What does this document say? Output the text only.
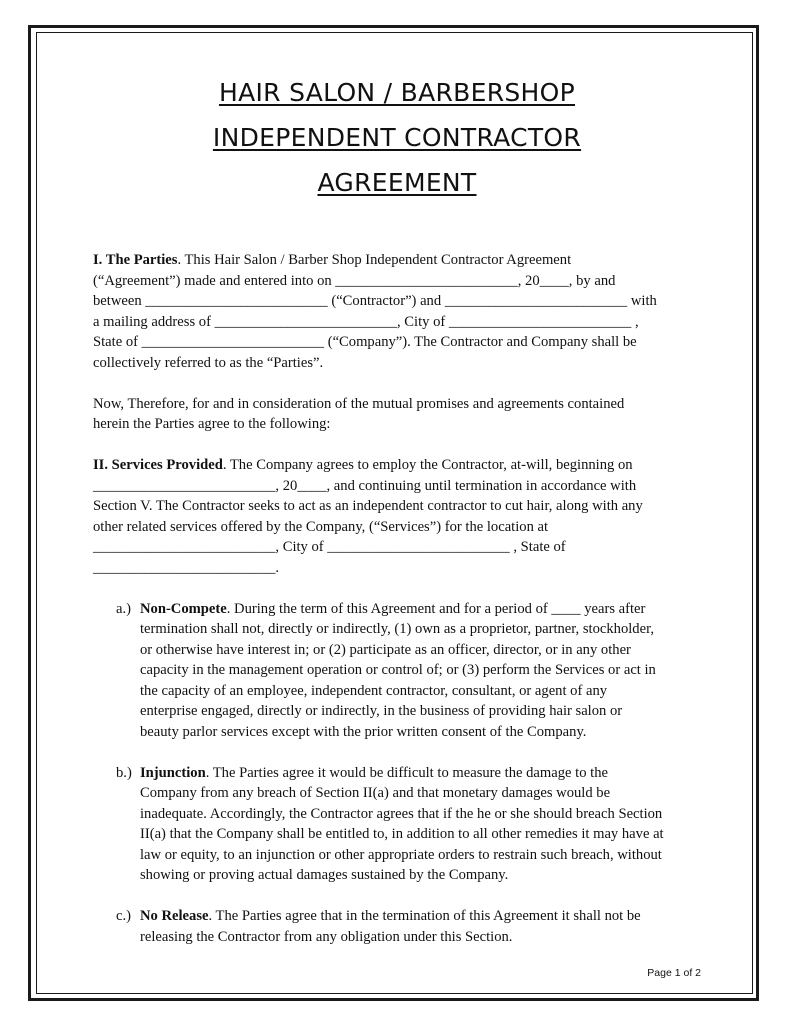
HAIR SALON / BARBERSHOP
INDEPENDENT CONTRACTOR
AGREEMENT

I. The Parties. This Hair Salon / Barber Shop Independent Contractor Agreement
(“Agreement”) made and entered into on _________________________, 20____, by and
between _________________________ (“Contractor”) and _________________________ with
a mailing address of _________________________, City of _________________________ ,
State of _________________________ (“Company”). The Contractor and Company shall be
collectively referred to as the “Parties”.

Now, Therefore, for and in consideration of the mutual promises and agreements contained
herein the Parties agree to the following:

II. Services Provided. The Company agrees to employ the Contractor, at-will, beginning on
_________________________, 20____, and continuing until termination in accordance with
Section V. The Contractor seeks to act as an independent contractor to cut hair, along with any
other related services offered by the Company, (“Services”) for the location at
_________________________, City of _________________________ , State of
_________________________.

a.) Non-Compete. During the term of this Agreement and for a period of ____ years after
termination shall not, directly or indirectly, (1) own as a proprietor, partner, stockholder,
or otherwise have interest in; or (2) participate as an officer, director, or in any other
capacity in the management operation or control of; or (3) perform the Services or act in
the capacity of an employee, independent contractor, consultant, or agent of any
enterprise engaged, directly or indirectly, in the business of providing hair salon or
beauty parlor services except with the prior written consent of the Company.
b.) Injunction. The Parties agree it would be difficult to measure the damage to the
Company from any breach of Section II(a) and that monetary damages would be
inadequate. Accordingly, the Contractor agrees that if the he or she should breach Section
II(a) that the Company shall be entitled to, in addition to all other remedies it may have at
law or equity, to an injunction or other appropriate orders to restrain such breach, without
showing or proving actual damages sustained by the Company.
c.) No Release. The Parties agree that in the termination of this Agreement it shall not be
releasing the Contractor from any obligation under this Section.
Page 1 of 2
